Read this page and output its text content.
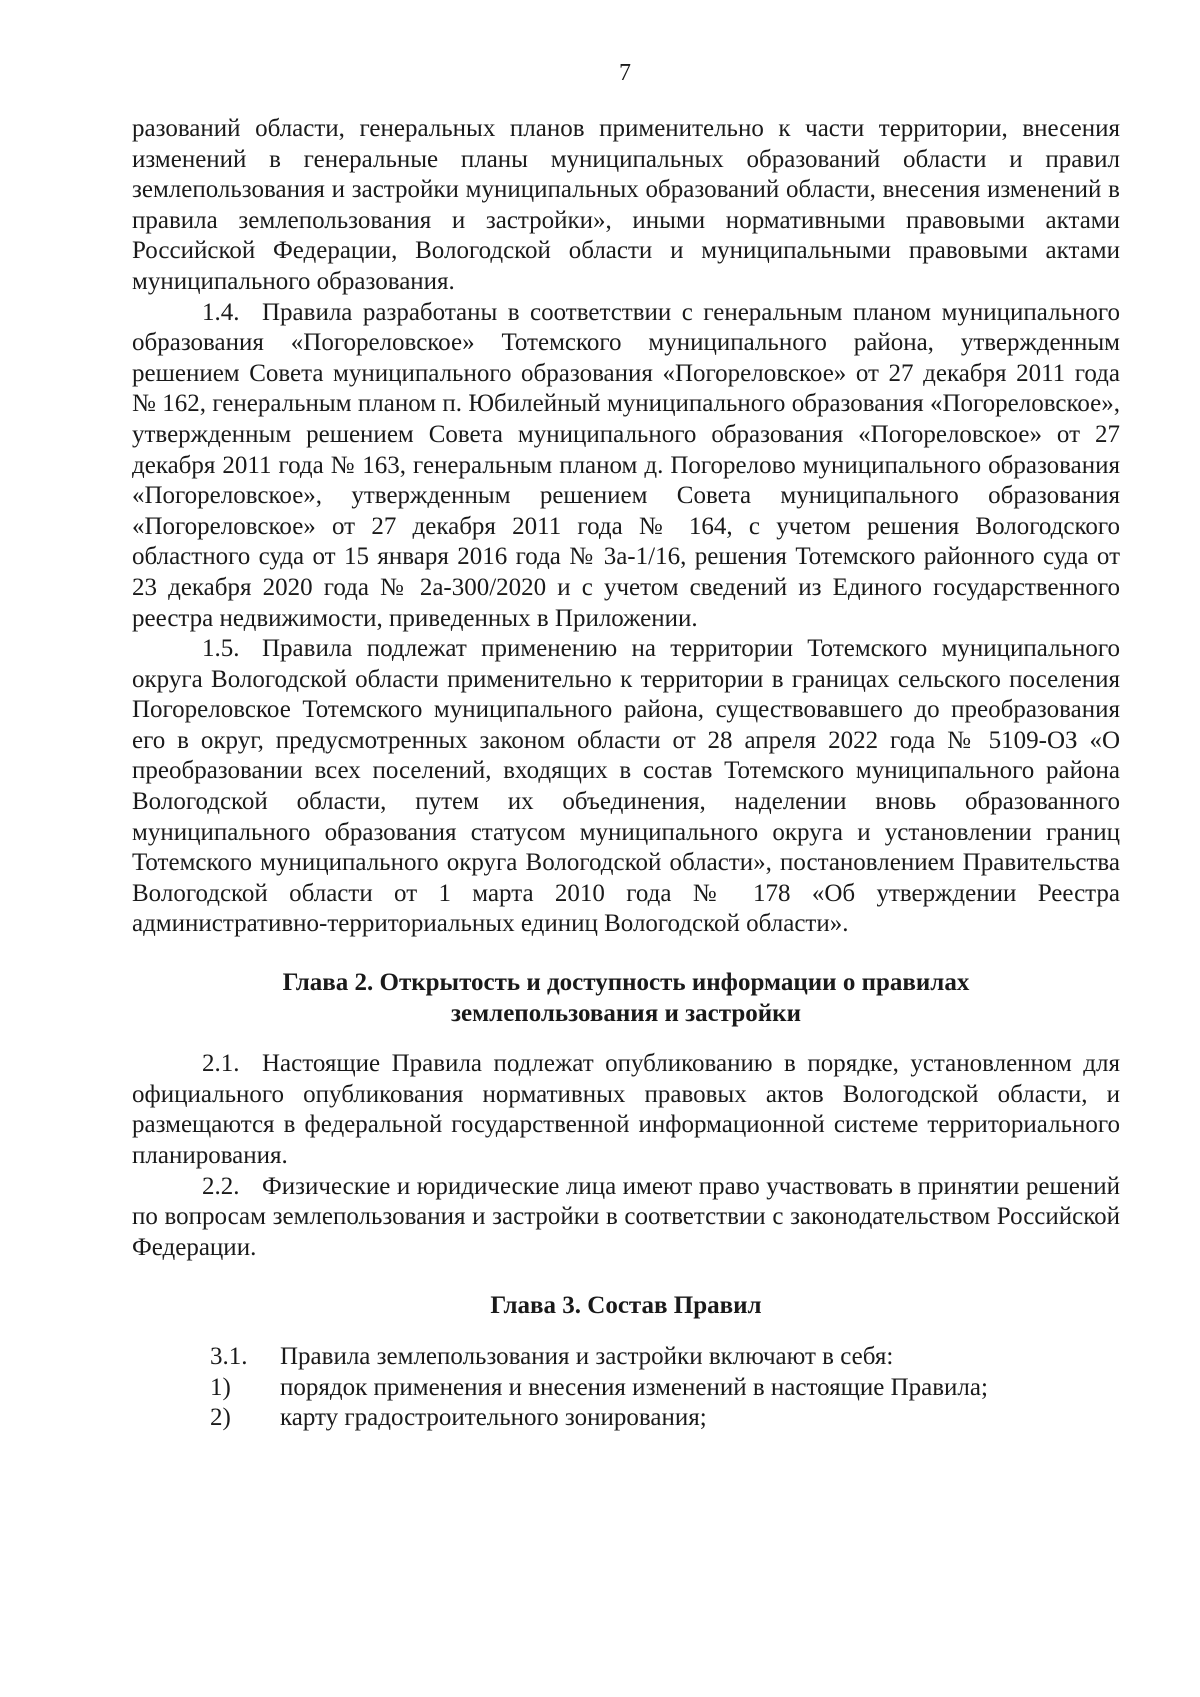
7

разований области, генеральных планов применительно к части территории, внесения изменений в генеральные планы муниципальных образований области и правил землепользования и застройки муниципальных образований области, внесения изменений в правила землепользования и застройки», иными нормативными правовыми актами Российской Федерации, Вологодской области и муниципальными правовыми актами муниципального образования.

1.4. Правила разработаны в соответствии с генеральным планом муниципального образования «Погореловское» Тотемского муниципального района, утвержденным решением Совета муниципального образования «Погореловское» от 27 декабря 2011 года № 162, генеральным планом п. Юбилейный муниципального образования «Погореловское», утвержденным решением Совета муниципального образования «Погореловское» от 27 декабря 2011 года № 163, генеральным планом д. Погорелово муниципального образования «Погореловское», утвержденным решением Совета муниципального образования «Погореловское» от 27 декабря 2011 года № 164, с учетом решения Вологодского областного суда от 15 января 2016 года № 3а-1/16, решения Тотемского районного суда от 23 декабря 2020 года № 2а-300/2020 и с учетом сведений из Единого государственного реестра недвижимости, приведенных в Приложении.

1.5. Правила подлежат применению на территории Тотемского муниципального округа Вологодской области применительно к территории в границах сельского поселения Погореловское Тотемского муниципального района, существовавшего до преобразования его в округ, предусмотренных законом области от 28 апреля 2022 года № 5109-ОЗ «О преобразовании всех поселений, входящих в состав Тотемского муниципального района Вологодской области, путем их объединения, наделении вновь образованного муниципального образования статусом муниципального округа и установлении границ Тотемского муниципального округа Вологодской области», постановлением Правительства Вологодской области от 1 марта 2010 года № 178 «Об утверждении Реестра административно-территориальных единиц Вологодской области».

Глава 2. Открытость и доступность информации о правилах
землепользования и застройки

2.1. Настоящие Правила подлежат опубликованию в порядке, установленном для официального опубликования нормативных правовых актов Вологодской области, и размещаются в федеральной государственной информационной системе территориального планирования.

2.2. Физические и юридические лица имеют право участвовать в принятии решений по вопросам землепользования и застройки в соответствии с законодательством Российской Федерации.

Глава 3. Состав Правил
3.1.	Правила землепользования и застройки включают в себя:
1)	порядок применения и внесения изменений в настоящие Правила;
2)	карту градостроительного зонирования;
